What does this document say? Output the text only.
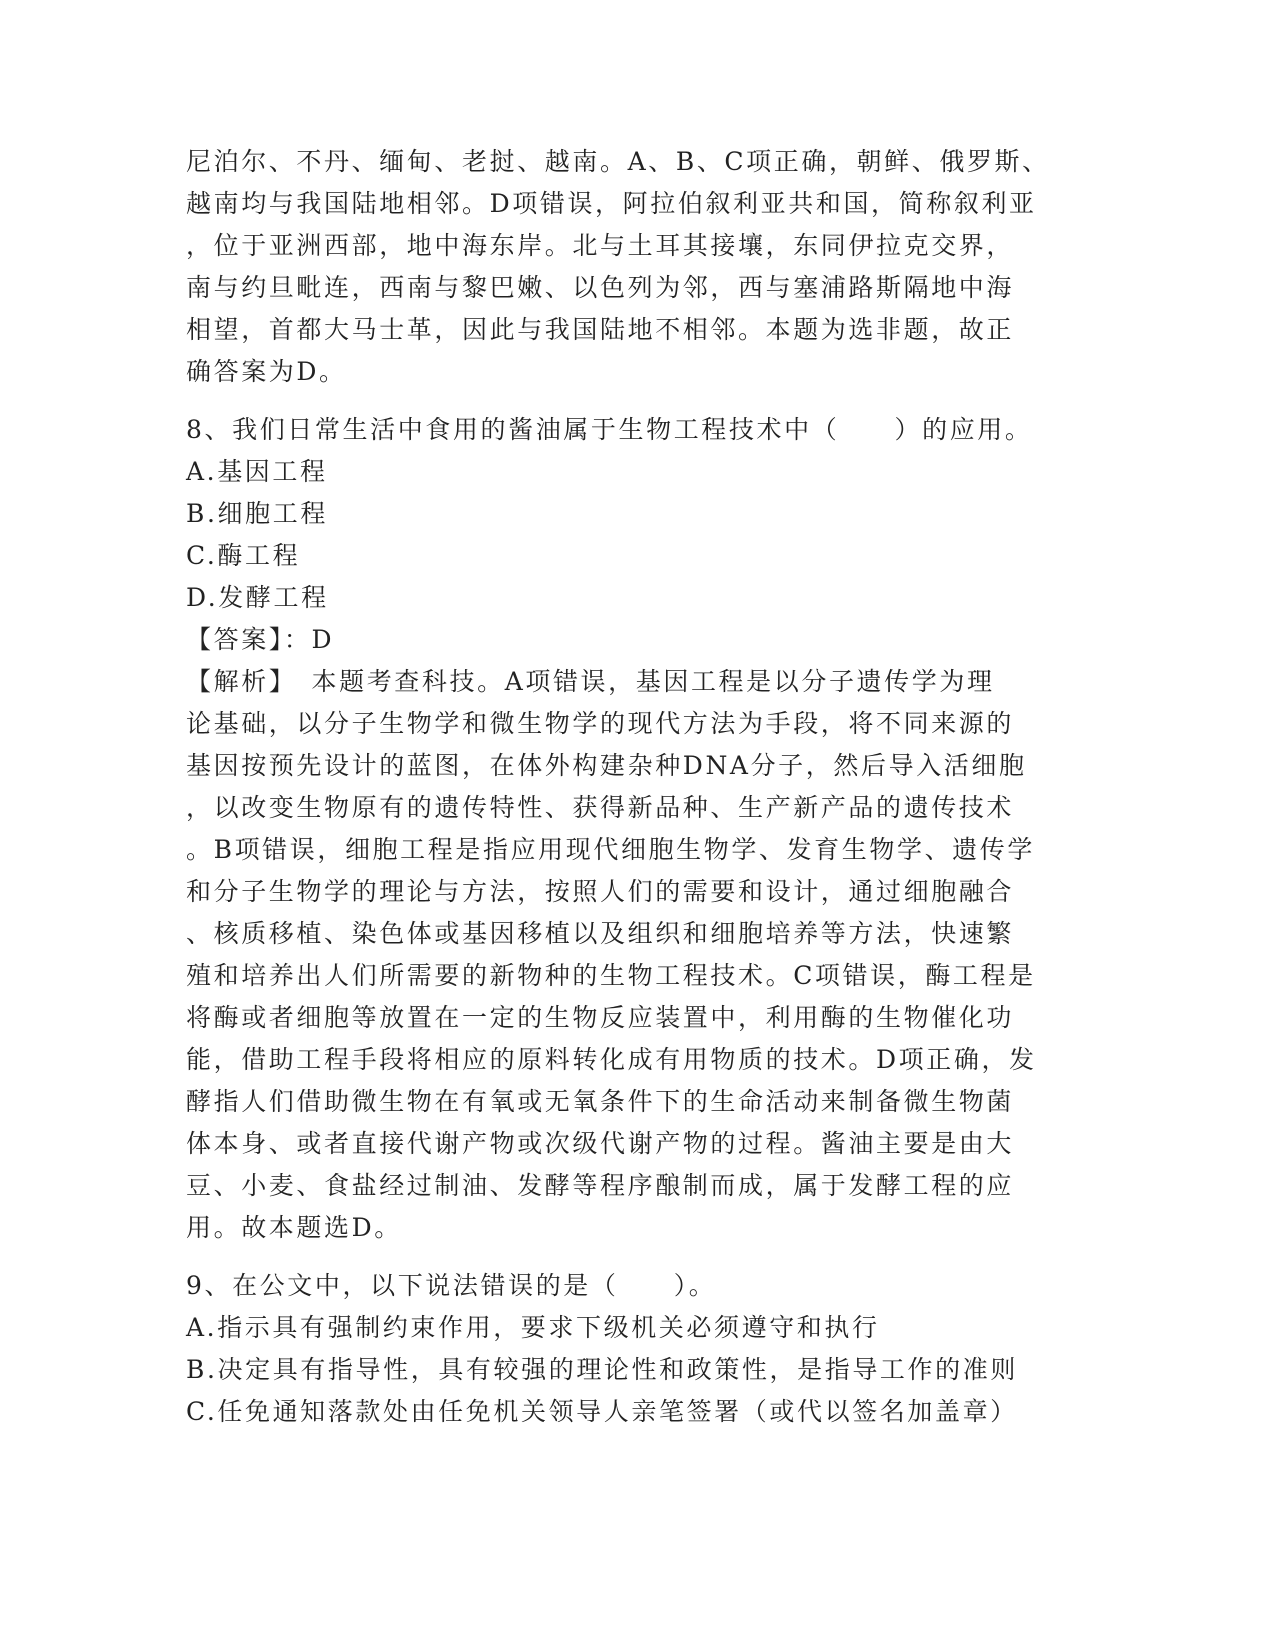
尼泊尔、不丹、缅甸、老挝、越南。A、B、C项正确，朝鲜、俄罗斯、
越南均与我国陆地相邻。D项错误，阿拉伯叙利亚共和国，简称叙利亚
，位于亚洲西部，地中海东岸。北与土耳其接壤，东同伊拉克交界，
南与约旦毗连，西南与黎巴嫩、以色列为邻，西与塞浦路斯隔地中海
相望，首都大马士革，因此与我国陆地不相邻。本题为选非题，故正
确答案为D。
8、我们日常生活中食用的酱油属于生物工程技术中（　　）的应用。
A.基因工程
B.细胞工程
C.酶工程
D.发酵工程
【答案】：D
【解析】　本题考查科技。A项错误，基因工程是以分子遗传学为理
论基础，以分子生物学和微生物学的现代方法为手段，将不同来源的
基因按预先设计的蓝图，在体外构建杂种DNA分子，然后导入活细胞
，以改变生物原有的遗传特性、获得新品种、生产新产品的遗传技术
。B项错误，细胞工程是指应用现代细胞生物学、发育生物学、遗传学
和分子生物学的理论与方法，按照人们的需要和设计，通过细胞融合
、核质移植、染色体或基因移植以及组织和细胞培养等方法，快速繁
殖和培养出人们所需要的新物种的生物工程技术。C项错误，酶工程是
将酶或者细胞等放置在一定的生物反应装置中，利用酶的生物催化功
能，借助工程手段将相应的原料转化成有用物质的技术。D项正确，发
酵指人们借助微生物在有氧或无氧条件下的生命活动来制备微生物菌
体本身、或者直接代谢产物或次级代谢产物的过程。酱油主要是由大
豆、小麦、食盐经过制油、发酵等程序酿制而成，属于发酵工程的应
用。故本题选D。
9、在公文中，以下说法错误的是（　　）。
A.指示具有强制约束作用，要求下级机关必须遵守和执行
B.决定具有指导性，具有较强的理论性和政策性，是指导工作的准则
C.任免通知落款处由任免机关领导人亲笔签署（或代以签名加盖章）
